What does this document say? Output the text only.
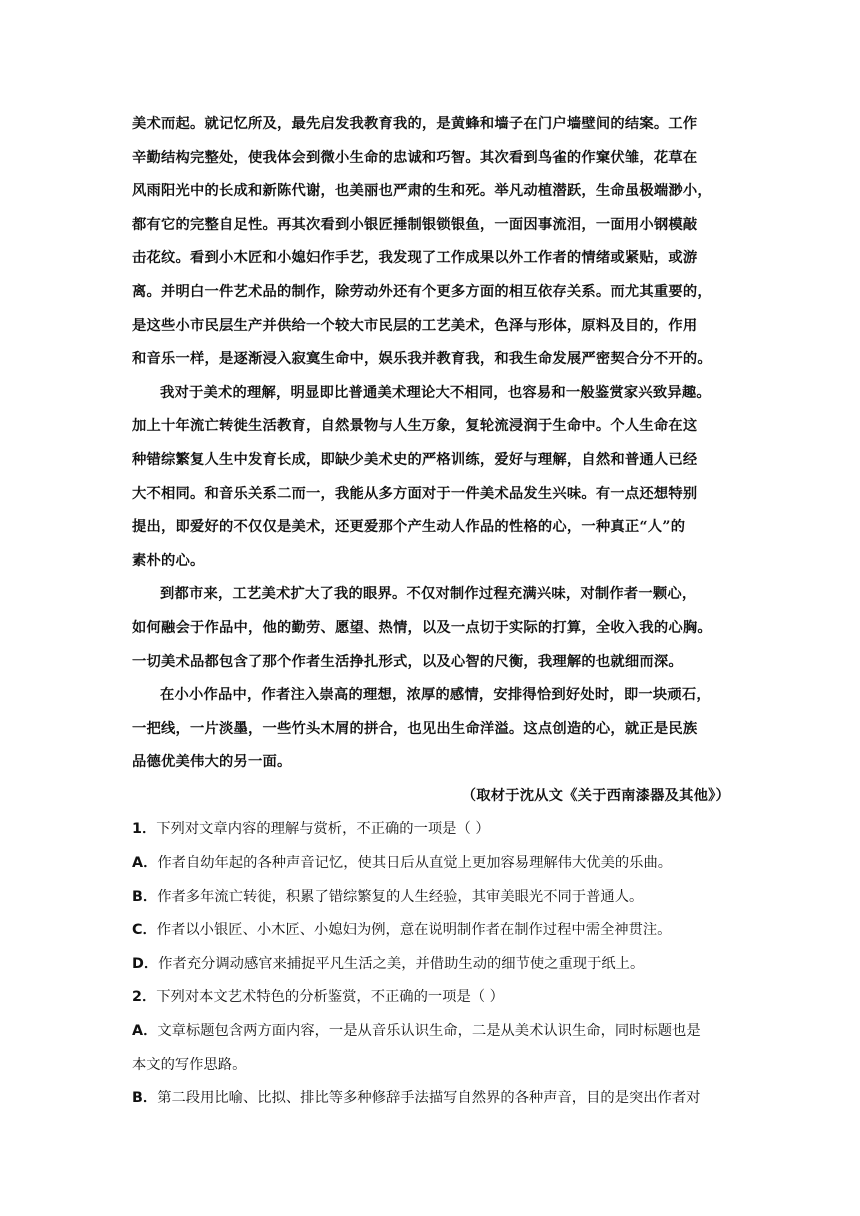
美术而起。就记忆所及，最先启发我教育我的，是黄蜂和墙子在门户墙壁间的结案。工作
辛勤结构完整处，使我体会到微小生命的忠诚和巧智。其次看到鸟雀的作窠伏雏，花草在
风雨阳光中的长成和新陈代谢，也美丽也严肃的生和死。举凡动植潜跃，生命虽极端渺小，
都有它的完整自足性。再其次看到小银匠捶制银锁银鱼，一面因事流泪，一面用小钢模敲
击花纹。看到小木匠和小媳妇作手艺，我发现了工作成果以外工作者的情绪或紧贴，或游
离。并明白一件艺术品的制作，除劳动外还有个更多方面的相互依存关系。而尤其重要的，
是这些小市民层生产并供给一个较大市民层的工艺美术，色泽与形体，原料及目的，作用
和音乐一样，是逐渐浸入寂寞生命中，娱乐我并教育我，和我生命发展严密契合分不开的。
我对于美术的理解，明显即比普通美术理论大不相同，也容易和一般鉴赏家兴致异趣。
加上十年流亡转徙生活教育，自然景物与人生万象，复轮流浸润于生命中。个人生命在这
种错综繁复人生中发育长成，即缺少美术史的严格训练，爱好与理解，自然和普通人已经
大不相同。和音乐关系二而一，我能从多方面对于一件美术品发生兴味。有一点还想特别
提出，即爱好的不仅仅是美术，还更爱那个产生动人作品的性格的心，一种真正“人”的
素朴的心。
到都市来，工艺美术扩大了我的眼界。不仅对制作过程充满兴味，对制作者一颗心，
如何融会于作品中，他的勤劳、愿望、热情，以及一点切于实际的打算，全收入我的心胸。
一切美术品都包含了那个作者生活挣扎形式，以及心智的尺衡，我理解的也就细而深。
在小小作品中，作者注入崇高的理想，浓厚的感情，安排得恰到好处时，即一块顽石，
一把线，一片淡墨，一些竹头木屑的拼合，也见出生命洋溢。这点创造的心，就正是民族
品德优美伟大的另一面。
（取材于沈从文《关于西南漆器及其他》）
1．下列对文章内容的理解与赏析，不正确的一项是（ ）
A．作者自幼年起的各种声音记忆，使其日后从直觉上更加容易理解伟大优美的乐曲。
B．作者多年流亡转徙，积累了错综繁复的人生经验，其审美眼光不同于普通人。
C．作者以小银匠、小木匠、小媳妇为例，意在说明制作者在制作过程中需全神贯注。
D．作者充分调动感官来捕捉平凡生活之美，并借助生动的细节使之重现于纸上。
2．下列对本文艺术特色的分析鉴赏，不正确的一项是（ ）
A．文章标题包含两方面内容，一是从音乐认识生命，二是从美术认识生命，同时标题也是
本文的写作思路。
B．第二段用比喻、比拟、排比等多种修辞手法描写自然界的各种声音，目的是突出作者对
